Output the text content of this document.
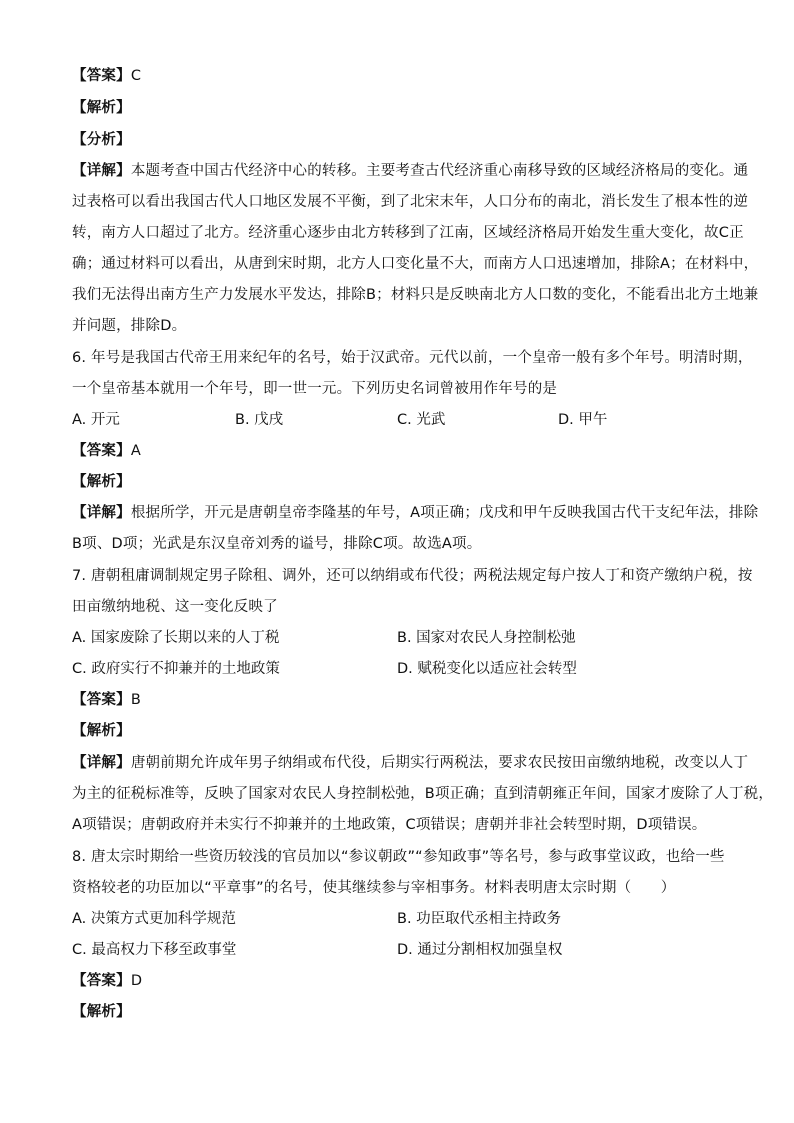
【答案】C
【解析】
【分析】
【详解】本题考查中国古代经济中心的转移。主要考查古代经济重心南移导致的区域经济格局的变化。通
过表格可以看出我国古代人口地区发展不平衡，到了北宋末年，人口分布的南北，消长发生了根本性的逆
转，南方人口超过了北方。经济重心逐步由北方转移到了江南，区域经济格局开始发生重大变化，故C正
确；通过材料可以看出，从唐到宋时期，北方人口变化量不大，而南方人口迅速增加，排除A；在材料中，
我们无法得出南方生产力发展水平发达，排除B；材料只是反映南北方人口数的变化，不能看出北方土地兼
并问题，排除D。
6. 年号是我国古代帝王用来纪年的名号，始于汉武帝。元代以前，一个皇帝一般有多个年号。明清时期，
一个皇帝基本就用一个年号，即一世一元。下列历史名词曾被用作年号的是
A. 开元	B. 戊戌	C. 光武	D. 甲午
【答案】A
【解析】
【详解】根据所学，开元是唐朝皇帝李隆基的年号，A项正确；戊戌和甲午反映我国古代干支纪年法，排除
B项、D项；光武是东汉皇帝刘秀的谥号，排除C项。故选A项。
7. 唐朝租庸调制规定男子除租、调外，还可以纳绢或布代役；两税法规定每户按人丁和资产缴纳户税，按
田亩缴纳地税、这一变化反映了
A. 国家废除了长期以来的人丁税	B. 国家对农民人身控制松弛
C. 政府实行不抑兼并的土地政策	D. 赋税变化以适应社会转型
【答案】B
【解析】
【详解】唐朝前期允许成年男子纳绢或布代役，后期实行两税法，要求农民按田亩缴纳地税，改变以人丁
为主的征税标准等，反映了国家对农民人身控制松弛，B项正确；直到清朝雍正年间，国家才废除了人丁税，
A项错误；唐朝政府并未实行不抑兼并的土地政策，C项错误；唐朝并非社会转型时期，D项错误。
8. 唐太宗时期给一些资历较浅的官员加以“参议朝政”“参知政事”等名号，参与政事堂议政，也给一些
资格较老的功臣加以“平章事”的名号，使其继续参与宰相事务。材料表明唐太宗时期（　　）
A. 决策方式更加科学规范	B. 功臣取代丞相主持政务
C. 最高权力下移至政事堂	D. 通过分割相权加强皇权
【答案】D
【解析】
